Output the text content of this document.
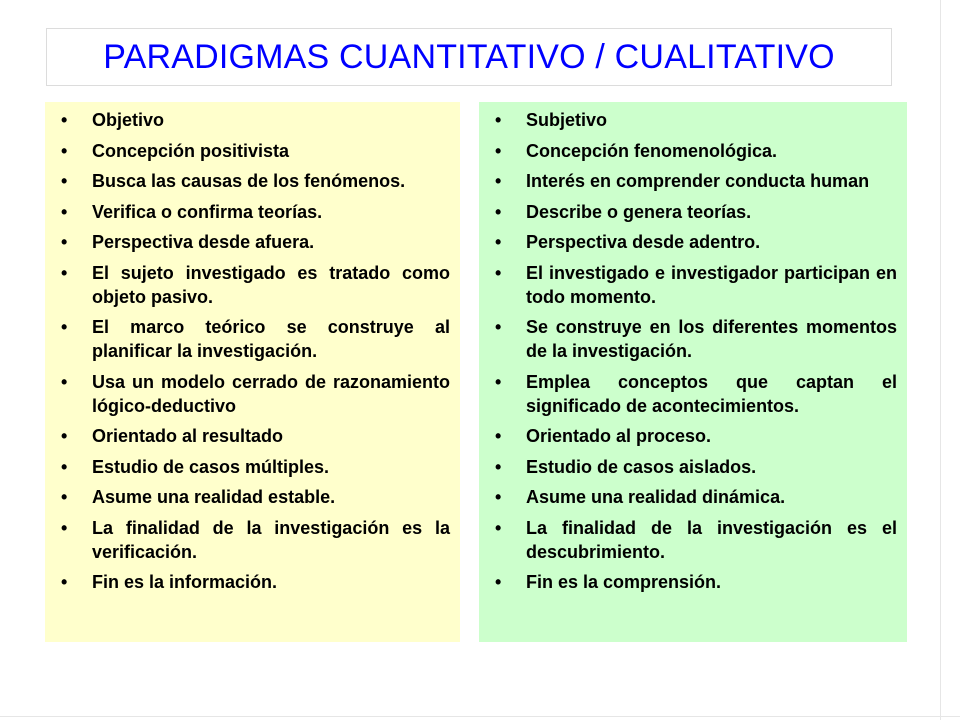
PARADIGMAS CUANTITATIVO / CUALITATIVO
• Objetivo
• Concepción positivista
• Busca las causas de los fenómenos.
• Verifica o confirma teorías.
• Perspectiva desde afuera.
• El sujeto investigado es tratado como objeto pasivo.
• El marco teórico se construye al planificar la investigación.
• Usa un modelo cerrado de razonamiento lógico-deductivo
• Orientado al resultado
• Estudio de casos múltiples.
• Asume una realidad estable.
• La finalidad de la investigación es la verificación.
• Fin es la información.
• Subjetivo
• Concepción fenomenológica.
• Interés en comprender conducta human
• Describe o genera teorías.
• Perspectiva desde adentro.
• El investigado e investigador participan en todo momento.
• Se construye en los diferentes momentos de la investigación.
• Emplea conceptos que captan el significado de acontecimientos.
• Orientado al proceso.
• Estudio de casos aislados.
• Asume una realidad dinámica.
• La finalidad de la investigación es el descubrimiento.
• Fin es la comprensión.
